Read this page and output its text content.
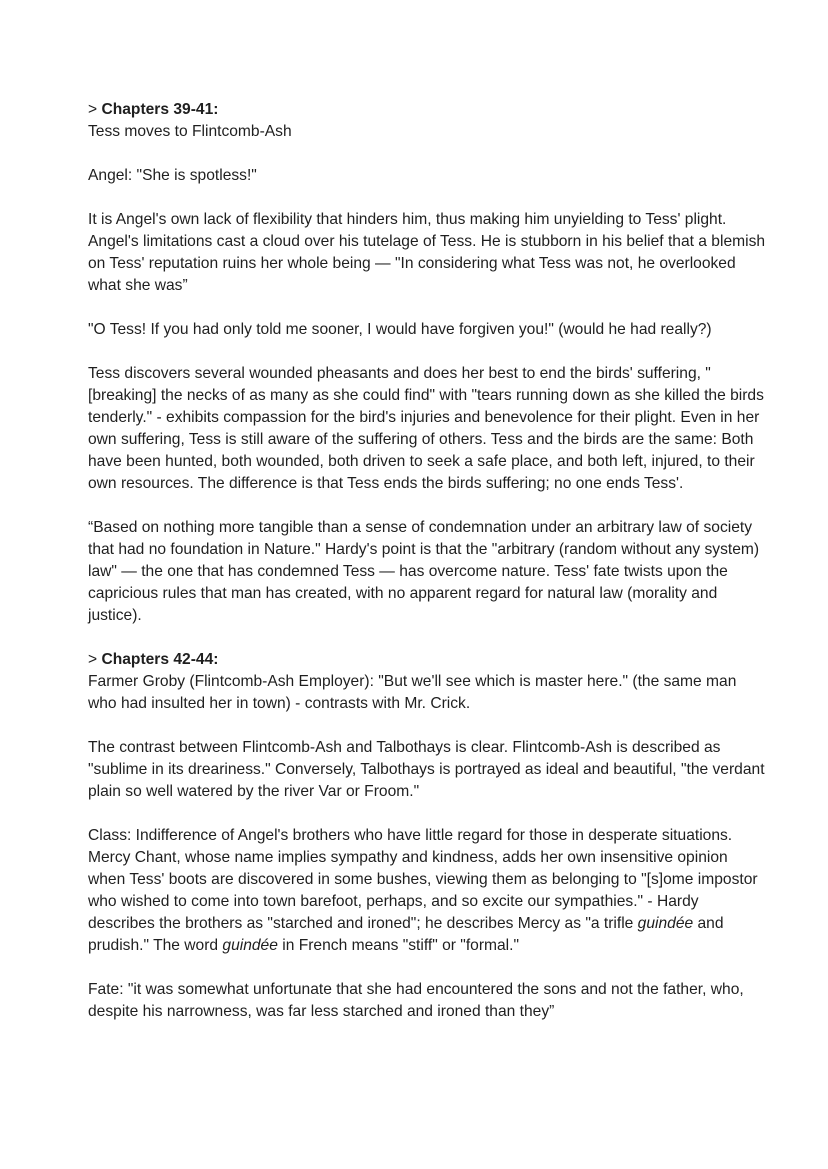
> Chapters 39-41:

Tess moves to Flintcomb-Ash

Angel: "She is spotless!"

It is Angel's own lack of flexibility that hinders him, thus making him unyielding to Tess' plight. Angel's limitations cast a cloud over his tutelage of Tess. He is stubborn in his belief that a blemish on Tess' reputation ruins her whole being — "In considering what Tess was not, he overlooked what she was”

"O Tess! If you had only told me sooner, I would have forgiven you!" (would he had really?)

Tess discovers several wounded pheasants and does her best to end the birds' suffering, "[breaking] the necks of as many as she could find" with "tears running down as she killed the birds tenderly." - exhibits compassion for the bird's injuries and benevolence for their plight. Even in her own suffering, Tess is still aware of the suffering of others. Tess and the birds are the same: Both have been hunted, both wounded, both driven to seek a safe place, and both left, injured, to their own resources. The difference is that Tess ends the birds suffering; no one ends Tess'.

“Based on nothing more tangible than a sense of condemnation under an arbitrary law of society that had no foundation in Nature." Hardy's point is that the "arbitrary (random without any system) law" — the one that has condemned Tess — has overcome nature. Tess' fate twists upon the capricious rules that man has created, with no apparent regard for natural law (morality and justice).

> Chapters 42-44:

Farmer Groby (Flintcomb-Ash Employer): "But we'll see which is master here." (the same man who had insulted her in town) - contrasts with Mr. Crick.

The contrast between Flintcomb-Ash and Talbothays is clear. Flintcomb-Ash is described as "sublime in its dreariness." Conversely, Talbothays is portrayed as ideal and beautiful, "the verdant plain so well watered by the river Var or Froom."

Class: Indifference of Angel's brothers who have little regard for those in desperate situations. Mercy Chant, whose name implies sympathy and kindness, adds her own insensitive opinion when Tess' boots are discovered in some bushes, viewing them as belonging to "[s]ome impostor who wished to come into town barefoot, perhaps, and so excite our sympathies." - Hardy describes the brothers as "starched and ironed"; he describes Mercy as "a trifle guindée and prudish." The word guindée in French means "stiff" or "formal."

Fate: "it was somewhat unfortunate that she had encountered the sons and not the father, who, despite his narrowness, was far less starched and ironed than they”
